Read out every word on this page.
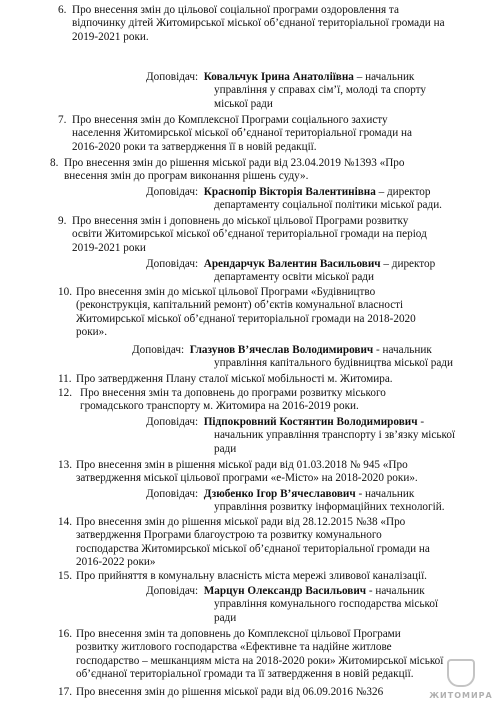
6. Про внесення змін до цільової соціальної програми оздоровлення та
відпочинку дітей Житомирської міської об’єднаної територіальної громади на
2019-2021 роки.
Доповідач: Ковальчук Ірина Анатоліївна – начальник
управління у справах сім’ї, молоді та спорту
міської ради
7. Про внесення змін до Комплексної Програми соціального захисту
населення Житомирської міської об’єднаної територіальної громади на
2016-2020 роки та затвердження її в новій редакції.
8. Про внесення змін до рішення міської ради від 23.04.2019 №1393 «Про
внесення змін до програм виконання рішень суду».
Доповідач: Краснопір Вікторія Валентинівна – директор
департаменту соціальної політики міської ради.
9. Про внесення змін і доповнень до міської цільової Програми розвитку
освіти Житомирської міської об’єднаної територіальної громади на період
2019-2021 роки
Доповідач: Арендарчук Валентин Васильович – директор
департаменту освіти міської ради
10. Про внесення змін до міської цільової Програми «Будівництво
(реконструкція, капітальний ремонт) об’єктів комунальної власності
Житомирської міської об’єднаної територіальної громади на 2018-2020
роки».
Доповідач: Глазунов В’ячеслав Володимирович - начальник
управління капітального будівництва міської ради
11. Про затвердження Плану сталої міської мобільності м. Житомира.
12. Про внесення змін та доповнень до програми розвитку міського
громадського транспорту м. Житомира на 2016-2019 роки.
Доповідач: Підпокровний Костянтин Володимирович -
начальник управління транспорту і зв’язку міської
ради
13. Про внесення змін в рішення міської ради від 01.03.2018 № 945 «Про
затвердження міської цільової програми «е-Місто» на 2018-2020 роки».
Доповідач: Дзюбенко Ігор В’ячеславович - начальник
управління розвитку інформаційних технологій.
14. Про внесення змін до рішення міської ради від 28.12.2015 №38 «Про
затвердження Програми благоустрою та розвитку комунального
господарства Житомирської міської об’єднаної територіальної громади на
2016-2022 роки»
15. Про прийняття в комунальну власність міста мережі зливової каналізації.
Доповідач: Марцун Олександр Васильович - начальник
управління комунального господарства міської
ради
16. Про внесення змін та доповнень до Комплексної цільової Програми
розвитку житлового господарства «Ефективне та надійне житлове
господарство – мешканциям міста на 2018-2020 роки» Житомирської міської
об’єднаної територіальної громади та її затвердження в новій редакції.
17. Про внесення змін до рішення міської ради від 06.09.2016 №326	ЖИТОМИРА
